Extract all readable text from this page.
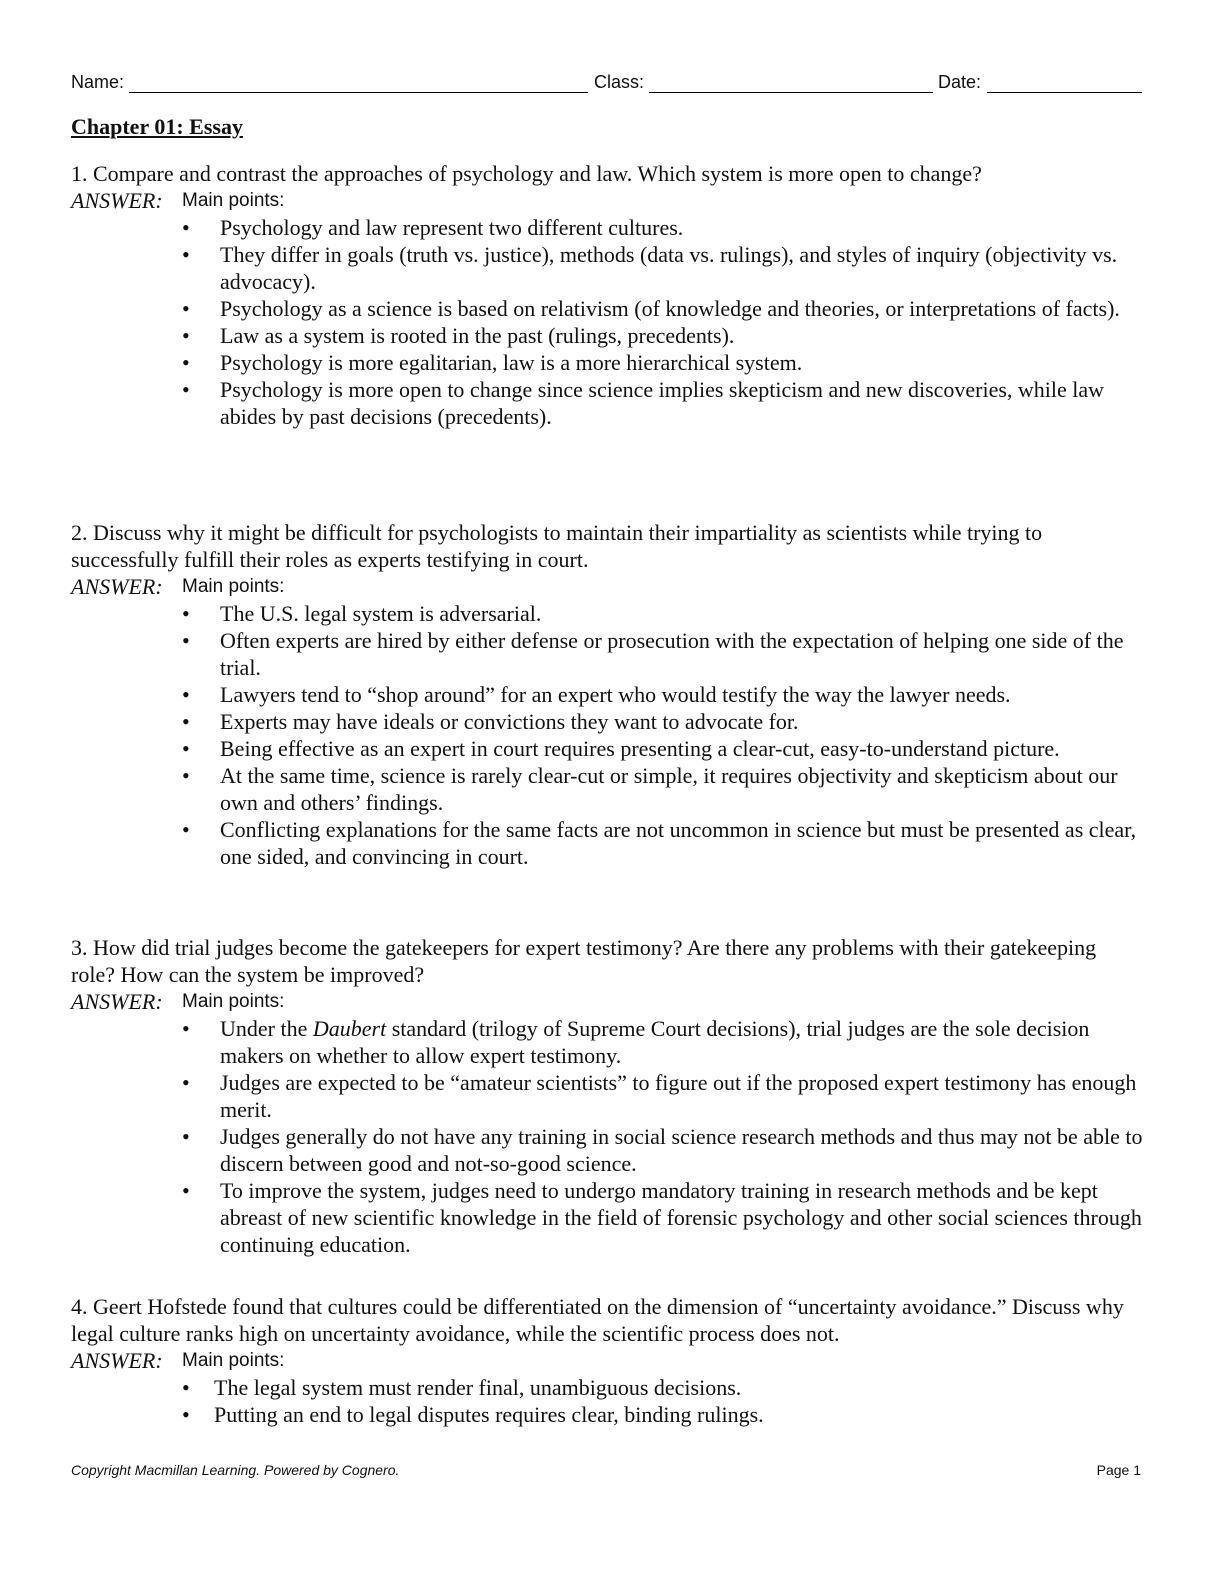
Name:	Class:	Date:
Chapter 01: Essay
1. Compare and contrast the approaches of psychology and law. Which system is more open to change?
ANSWER: Main points:
• Psychology and law represent two different cultures.
• They differ in goals (truth vs. justice), methods (data vs. rulings), and styles of inquiry (objectivity vs. advocacy).
• Psychology as a science is based on relativism (of knowledge and theories, or interpretations of facts).
• Law as a system is rooted in the past (rulings, precedents).
• Psychology is more egalitarian, law is a more hierarchical system.
• Psychology is more open to change since science implies skepticism and new discoveries, while law abides by past decisions (precedents).
2. Discuss why it might be difficult for psychologists to maintain their impartiality as scientists while trying to successfully fulfill their roles as experts testifying in court.
ANSWER: Main points:
• The U.S. legal system is adversarial.
• Often experts are hired by either defense or prosecution with the expectation of helping one side of the trial.
• Lawyers tend to “shop around” for an expert who would testify the way the lawyer needs.
• Experts may have ideals or convictions they want to advocate for.
• Being effective as an expert in court requires presenting a clear-cut, easy-to-understand picture.
• At the same time, science is rarely clear-cut or simple, it requires objectivity and skepticism about our own and others’ findings.
• Conflicting explanations for the same facts are not uncommon in science but must be presented as clear, one sided, and convincing in court.
3. How did trial judges become the gatekeepers for expert testimony? Are there any problems with their gatekeeping role? How can the system be improved?
ANSWER: Main points:
• Under the Daubert standard (trilogy of Supreme Court decisions), trial judges are the sole decision makers on whether to allow expert testimony.
• Judges are expected to be “amateur scientists” to figure out if the proposed expert testimony has enough merit.
• Judges generally do not have any training in social science research methods and thus may not be able to discern between good and not-so-good science.
• To improve the system, judges need to undergo mandatory training in research methods and be kept abreast of new scientific knowledge in the field of forensic psychology and other social sciences through continuing education.
4. Geert Hofstede found that cultures could be differentiated on the dimension of “uncertainty avoidance.” Discuss why legal culture ranks high on uncertainty avoidance, while the scientific process does not.
ANSWER: Main points:
• The legal system must render final, unambiguous decisions.
• Putting an end to legal disputes requires clear, binding rulings.
Copyright Macmillan Learning. Powered by Cognero.	Page 1
